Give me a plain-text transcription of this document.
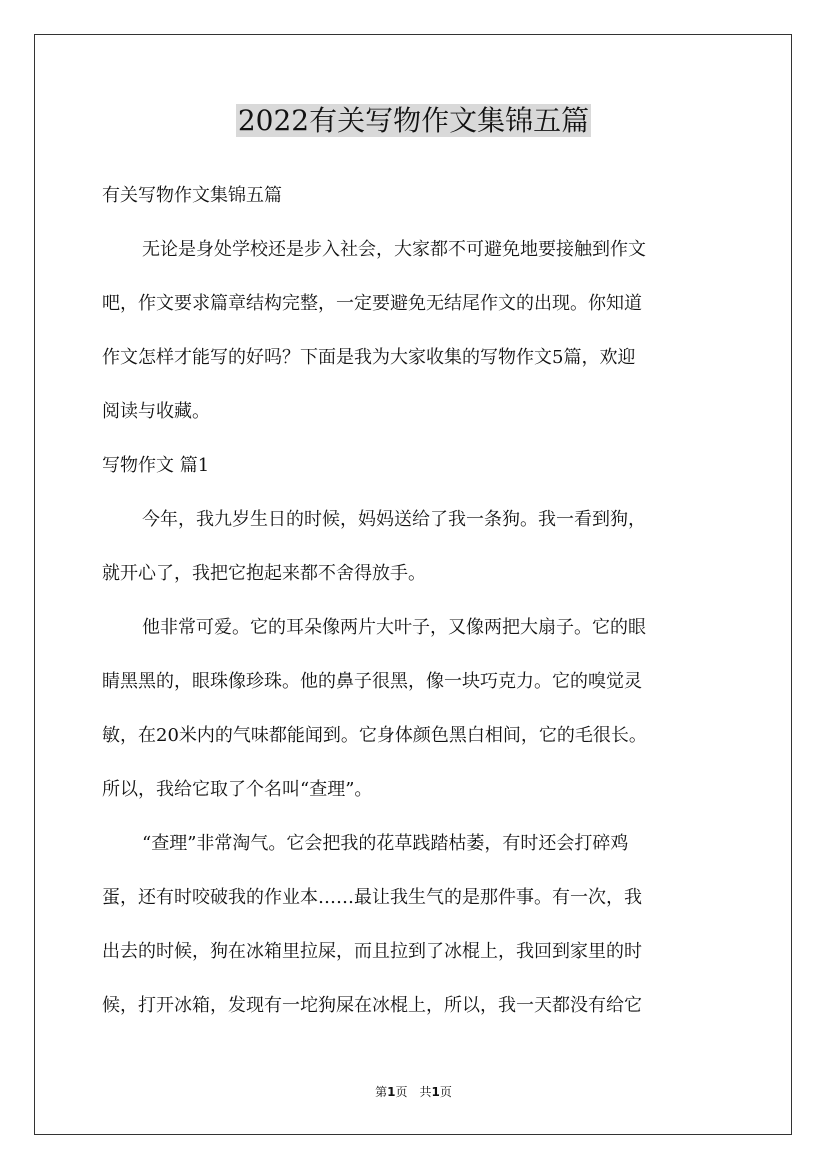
2022有关写物作文集锦五篇
有关写物作文集锦五篇
无论是身处学校还是步入社会，大家都不可避免地要接触到作文
吧，作文要求篇章结构完整，一定要避免无结尾作文的出现。你知道
作文怎样才能写的好吗？下面是我为大家收集的写物作文5篇，欢迎
阅读与收藏。
写物作文 篇1
今年，我九岁生日的时候，妈妈送给了我一条狗。我一看到狗，
就开心了，我把它抱起来都不舍得放手。
他非常可爱。它的耳朵像两片大叶子，又像两把大扇子。它的眼
睛黑黑的，眼珠像珍珠。他的鼻子很黑，像一块巧克力。它的嗅觉灵
敏，在20米内的气味都能闻到。它身体颜色黑白相间，它的毛很长。
所以，我给它取了个名叫“查理”。
“查理”非常淘气。它会把我的花草践踏枯萎，有时还会打碎鸡
蛋，还有时咬破我的作业本……最让我生气的是那件事。有一次，我
出去的时候，狗在冰箱里拉屎，而且拉到了冰棍上，我回到家里的时
候，打开冰箱，发现有一坨狗屎在冰棍上，所以，我一天都没有给它
第1页　共1页
